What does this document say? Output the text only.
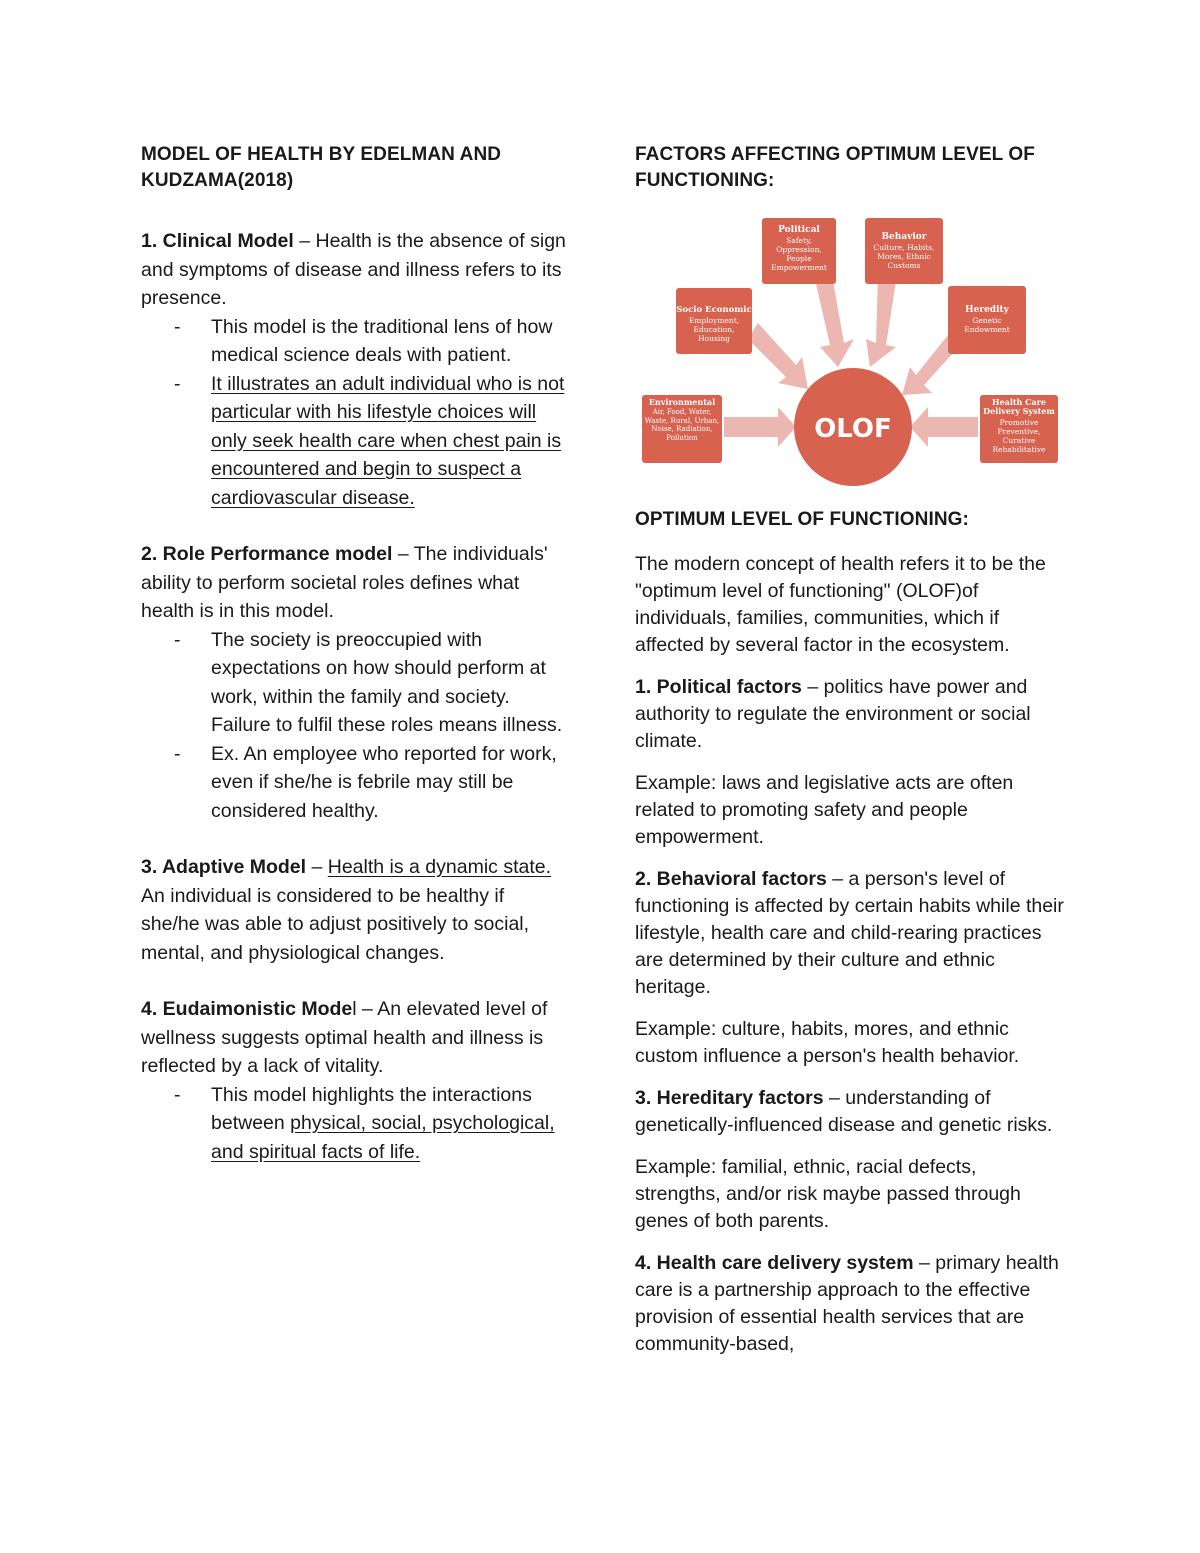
MODEL OF HEALTH BY EDELMAN AND KUDZAMA(2018)

1. Clinical Model – Health is the absence of sign and symptoms of disease and illness refers to its presence.

- This model is the traditional lens of how medical science deals with patient.
- It illustrates an adult individual who is not particular with his lifestyle choices will only seek health care when chest pain is encountered and begin to suspect a cardiovascular disease.

2. Role Performance model – The individuals' ability to perform societal roles defines what health is in this model.

- The society is preoccupied with expectations on how should perform at work, within the family and society. Failure to fulfil these roles means illness.
- Ex. An employee who reported for work, even if she/he is febrile may still be considered healthy.

3. Adaptive Model – Health is a dynamic state. An individual is considered to be healthy if she/he was able to adjust positively to social, mental, and physiological changes.

4. Eudaimonistic Model – An elevated level of wellness suggests optimal health and illness is reflected by a lack of vitality.

- This model highlights the interactions between physical, social, psychological, and spiritual facts of life.

FACTORS AFFECTING OPTIMUM LEVEL OF FUNCTIONING:

OLOF
Political
Safety, Oppression, People Empowerment
Behavior
Culture, Habits, Mores, Ethnic Customs
Heredity
Genetic Endowment
Health Care Delivery System
Promotive Preventive, Curative Rehabilitative
Environmental
Air, Food, Water, Waste, Rural, Urban, Noise, Radiation, Pollution
Socio Economic
Employment, Education, Housing

OPTIMUM LEVEL OF FUNCTIONING:

The modern concept of health refers it to be the "optimum level of functioning" (OLOF)of individuals, families, communities, which if affected by several factor in the ecosystem.

1. Political factors – politics have power and authority to regulate the environment or social climate.

Example: laws and legislative acts are often related to promoting safety and people empowerment.

2. Behavioral factors – a person's level of functioning is affected by certain habits while their lifestyle, health care and child-rearing practices are determined by their culture and ethnic heritage.

Example: culture, habits, mores, and ethnic custom influence a person's health behavior.

3. Hereditary factors – understanding of genetically-influenced disease and genetic risks.

Example: familial, ethnic, racial defects, strengths, and/or risk maybe passed through genes of both parents.

4. Health care delivery system – primary health care is a partnership approach to the effective provision of essential health services that are community-based,
